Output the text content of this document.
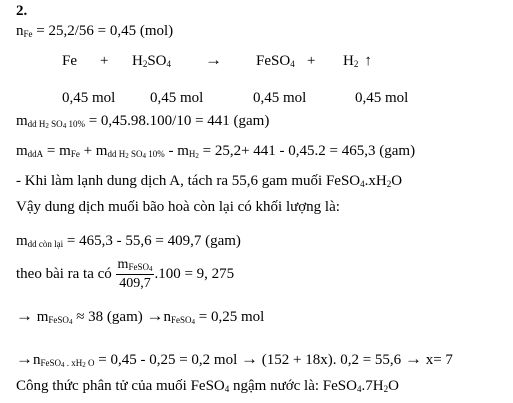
2.
$n_{Fe} = 25,2/56 = 0,45$ (mol)
$Fe + H_2SO_4$ → FeSO$_4$ + $H_2$ ↑
0,45 mol 0,45 mol	0,45 mol	0,45 mol
$m_{dd H2 SO4 10\%} = 0,45.98.100/10 = 441$ (gam)
$m_{ddA} = m_{Fe} + m_{dd H2 SO4 10\%} - m_{H2} = 25,2+ 441 - 0,45.2 = 465,3$ (gam)
- Khi làm lạnh dung dịch A, tách ra 55,6 gam muối $FeSO_4.xH_2O$
Vậy dung dịch muối bão hoà còn lại có khối lượng là:
$m_{dd còn lại} = 465,3 - 55,6 = 409,7$ (gam)
theo bài ra ta có $\frac{m_{FeSO4}}{409,7} .100 = 9$, 275
→ $m_{FeSO4} \approx 38$ $(gam) \to n_{FeSO4} = 0,25$ mol
$\to n_{FeSO4 . xH2 O} = 0,45 - 0,25 = 0,2$ mol → (152 + 18x). 0,2 = 55,6 → x= 7
Công thức phân tử của muối FeSO$_4$ ngậm nước là: $FeSO_4.7H_2O$
